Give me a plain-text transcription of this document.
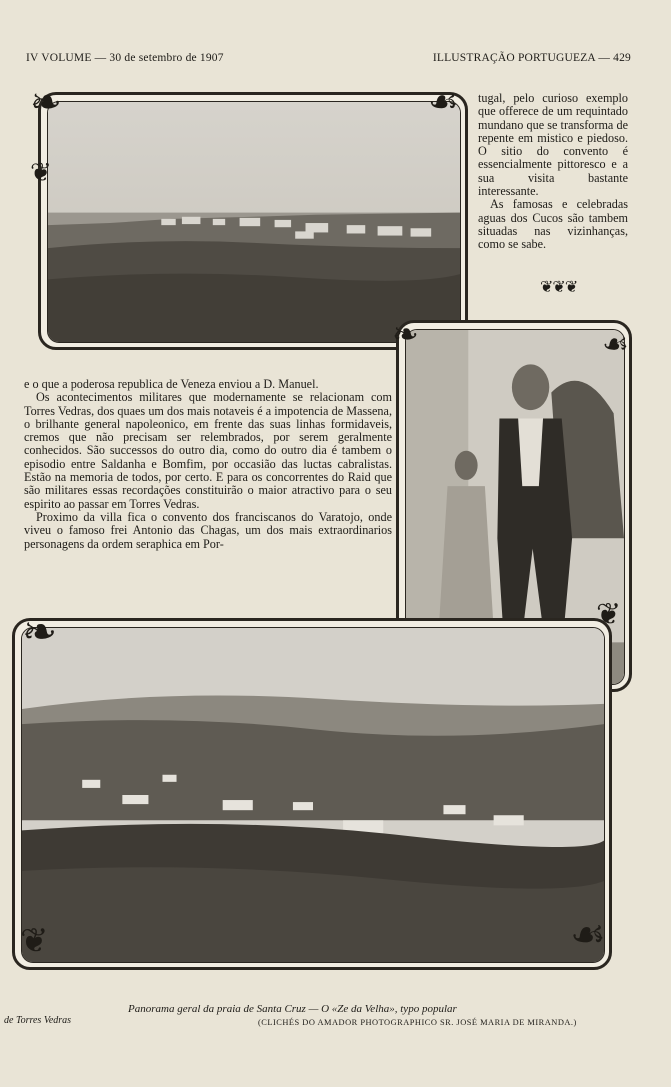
IV VOLUME — 30 de setembro de 1907	ILLUSTRAÇÃO PORTUGUEZA — 429
❧	☙
❦

tugal, pelo curioso exemplo que offerece de um requintado mundano que se transforma de repente em mistico e piedoso. O sitio do convento é essencialmente pittoresco e a sua visita bastante interessante.

As famosas e celebradas aguas dos Cucos são tambem situadas nas vizinhanças, como se sabe.

❦❦❦
❧	☙

e o que a poderosa republica de Veneza enviou a D. Manuel.

Os acontecimentos militares que modernamente se relacionam com Torres Vedras, dos quaes um dos mais notaveis é a impotencia de Massena, o brilhante general napoleonico, em frente das suas linhas formidaveis, cremos que não precisam ser relembrados, por serem geralmente conhecidos. São successos do outro dia, como do outro dia é tambem o episodio entre Saldanha e Bomfim, por occasião das luctas cabralistas. Estão na memoria de todos, por certo. E para os concorrentes do Raid que são militares essas recordações constituirão o maior atractivo para o seu espirito ao passar em Torres Vedras.

Proximo da villa fica o convento dos franciscanos do Varatojo, onde viveu o famoso frei Antonio das Chagas, um dos mais extraordinarios personagens da ordem seraphica em Por-

❧
☙
❦
❦
de Torres Vedras
Panorama geral da praia de Santa Cruz — O «Ze da Velha», typo popular
(CLICHÉS DO AMADOR PHOTOGRAPHICO SR. JOSÉ MARIA DE MIRANDA.)
